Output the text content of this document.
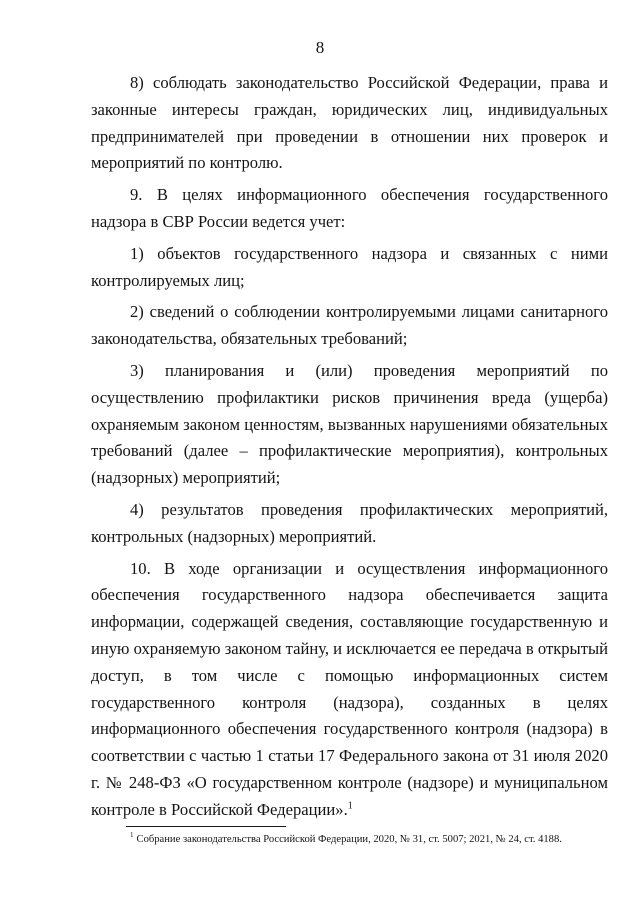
8

8) соблюдать законодательство Российской Федерации, права и законные интересы граждан, юридических лиц, индивидуальных предпринимателей при проведении в отношении них проверок и мероприятий по контролю.

9. В целях информационного обеспечения государственного надзора в СВР России ведется учет:

1) объектов государственного надзора и связанных с ними контролируемых лиц;

2) сведений о соблюдении контролируемыми лицами санитарного законодательства, обязательных требований;

3) планирования и (или) проведения мероприятий по осуществлению профилактики рисков причинения вреда (ущерба) охраняемым законом ценностям, вызванных нарушениями обязательных требований (далее – профилактические мероприятия), контрольных (надзорных) мероприятий;

4) результатов проведения профилактических мероприятий, контрольных (надзорных) мероприятий.

10. В ходе организации и осуществления информационного обеспечения государственного надзора обеспечивается защита информации, содержащей сведения, составляющие государственную и иную охраняемую законом тайну, и исключается ее передача в открытый доступ, в том числе с помощью информационных систем государственного контроля (надзора), созданных в целях информационного обеспечения государственного контроля (надзора) в соответствии с частью 1 статьи 17 Федерального закона от 31 июля 2020 г. № 248-ФЗ «О государственном контроле (надзоре) и муниципальном контроле в Российской Федерации».$^1$

$^1$ Собрание законодательства Российской Федерации, 2020, № 31, ст. 5007; 2021, № 24, ст. 4188.
